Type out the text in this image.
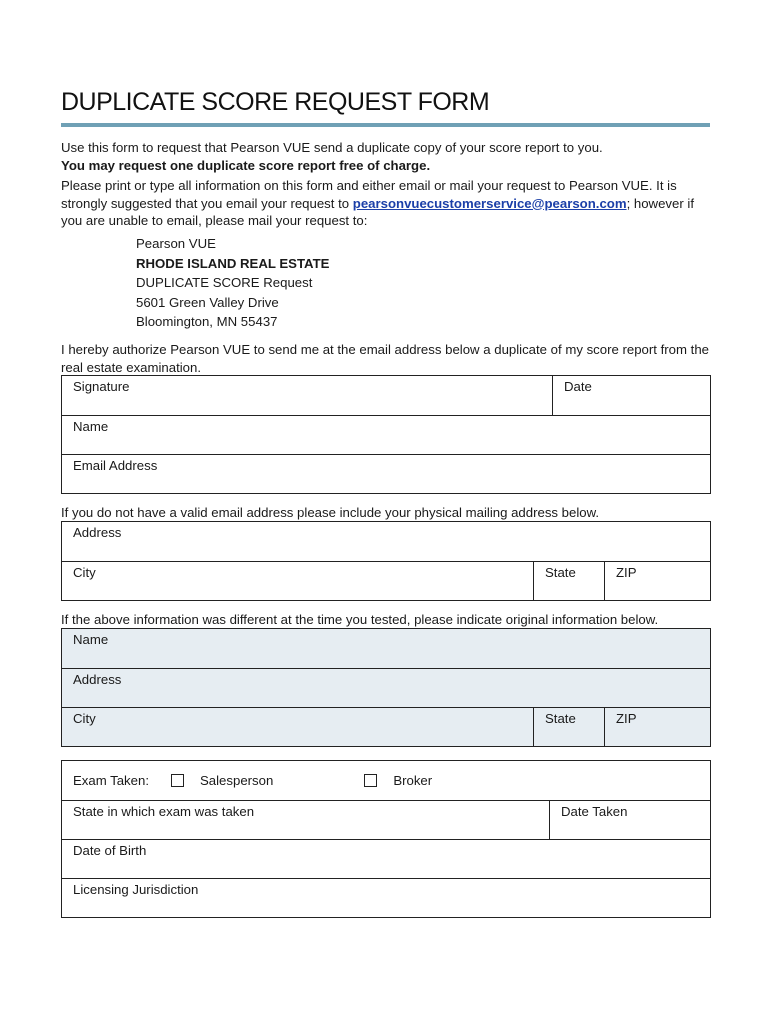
DUPLICATE SCORE REQUEST FORM
Use this form to request that Pearson VUE send a duplicate copy of your score report to you.
You may request one duplicate score report free of charge.
Please print or type all information on this form and either email or mail your request to Pearson VUE. It is strongly suggested that you email your request to pearsonvuecustomerservice@pearson.com; however if you are unable to email, please mail your request to:
Pearson VUE
RHODE ISLAND REAL ESTATE
DUPLICATE SCORE Request
5601 Green Valley Drive
Bloomington, MN 55437
I hereby authorize Pearson VUE to send me at the email address below a duplicate of my score report from the real estate examination.
Signature	Date
Name
Email Address
If you do not have a valid email address please include your physical mailing address below.
Address
City	State	ZIP
If the above information was different at the time you tested, please indicate original information below.
Name
Address
City	State	ZIP
Exam Taken:	Salesperson	Broker
State in which exam was taken	Date Taken
Date of Birth
Licensing Jurisdiction
